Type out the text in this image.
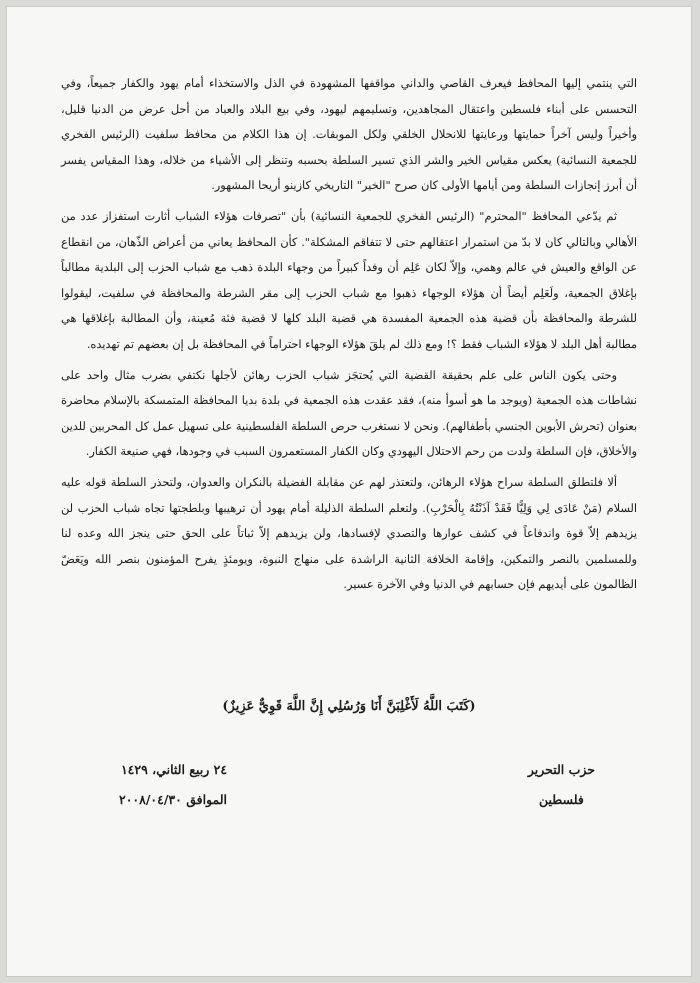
التي ينتمي إليها المحافظ فيعرف القاصي والداني مواقفها المشهودة في الذل والاستخذاء أمام يهود والكفار جميعاً، وفي التحسس على أبناء فلسطين واعتقال المجاهدين، وتسليمهم ليهود، وفي بيع البلاد والعباد من أحل عرض من الدنيا قليل، وأخيراً وليس آخراً حمايتها ورعايتها للانحلال الخلقي ولكل الموبقات. إن هذا الكلام من محافظ سلفيت (الرئيس الفخري للجمعية النسائية) يعكس مقياس الخير والشر الذي تسير السلطة بحسبه وتنظر إلى الأشياء من خلاله، وهذا المقياس يفسر أن أبرز إنجازات السلطة ومن أيامها الأولى كان صرح "الخير" التاريخي كازينو أريحا المشهور.

ثم يدّعي المحافظ "المحترم" (الرئيس الفخري للجمعية النسائية) بأن "تصرفات هؤلاء الشباب أثارت استفزاز عدد من الأهالي وبالتالي كان لا بدّ من استمرار اعتقالهم حتى لا تتفاقم المشكلة". كأن المحافظ يعاني من أعراض الذّهان، من انقطاع عن الواقع والعيش في عالم وهمي، وإلاّ لكان عَلِم أن وفداً كبيراً من وجهاء البلدة ذهب مع شباب الحزب إلى البلدية مطالباً بإغلاق الجمعية، ولَعَلِم أيضاً أن هؤلاء الوجهاء ذهبوا مع شباب الحزب إلى مقر الشرطة والمحافظة في سلفيت، ليقولوا للشرطة والمحافظة بأن قضية هذه الجمعية المفسدة هي قضية البلد كلها لا قضية فئة مُعينة، وأن المطالبة بإغلاقها هي مطالبة أهل البلد لا هؤلاء الشباب فقط ؟! ومع ذلك لم يلقَ هؤلاء الوجهاء احتراماً في المحافظة بل إن بعضهم تم تهديده.

وحتى يكون الناس على علم بحقيقة القضية التي يُحتجَز شباب الحزب رهائن لأجلها نكتفي بضرب مثال واحد على نشاطات هذه الجمعية (ويوجد ما هو أسوأ منه)، فقد عقدت هذه الجمعية في بلدة بديا المحافظة المتمسكة بالإسلام محاضرة بعنوان (تحرش الأبوين الجنسي بأطفالهم). ونحن لا نستغرب حرص السلطة الفلسطينية على تسهيل عمل كل المحربين للدين والأخلاق، فإن السلطة ولدت من رحم الاحتلال اليهودي وكان الكفار المستعمرون السبب في وجودها، فهي صنيعة الكفار.

ألا فلتطلق السلطة سراح هؤلاء الرهائن، ولتعتذر لهم عن مقابلة الفضيلة بالنكران والعدوان، ولتحذر السلطة قوله عليه السلام (مَنْ عَادَى لِي وَلِيًّا فَقَدْ آذَنْتُهُ بِالْحَرْبِ). ولتعلم السلطة الذليلة أمام يهود أن ترهيبها وبلطجتها تجاه شباب الحزب لن يزيدهم إلاّ قوة واندفاعاً في كشف عوارها والتصدي لإفسادها، ولن يزيدهم إلاّ ثباتاً على الحق حتى ينجز الله وعده لنا وللمسلمين بالنصر والتمكين، وإقامة الخلافة الثانية الراشدة على منهاج النبوة، ويومئذٍ يفرح المؤمنون بنصر الله ويَعَضّ الظالمون على أيديهم فإن حسابهم في الدنيا وفي الآخرة عسير.

(كَتَبَ اللَّهُ لَأَغْلِبَنَّ أَنَا وَرُسُلِي إِنَّ اللَّهَ قَوِيٌّ عَزِيزٌ)
حزب التحرير
فلسطين
٢٤ ربيع الثاني، ١٤٢٩
الموافق ٢٠٠٨/٠٤/٣٠
